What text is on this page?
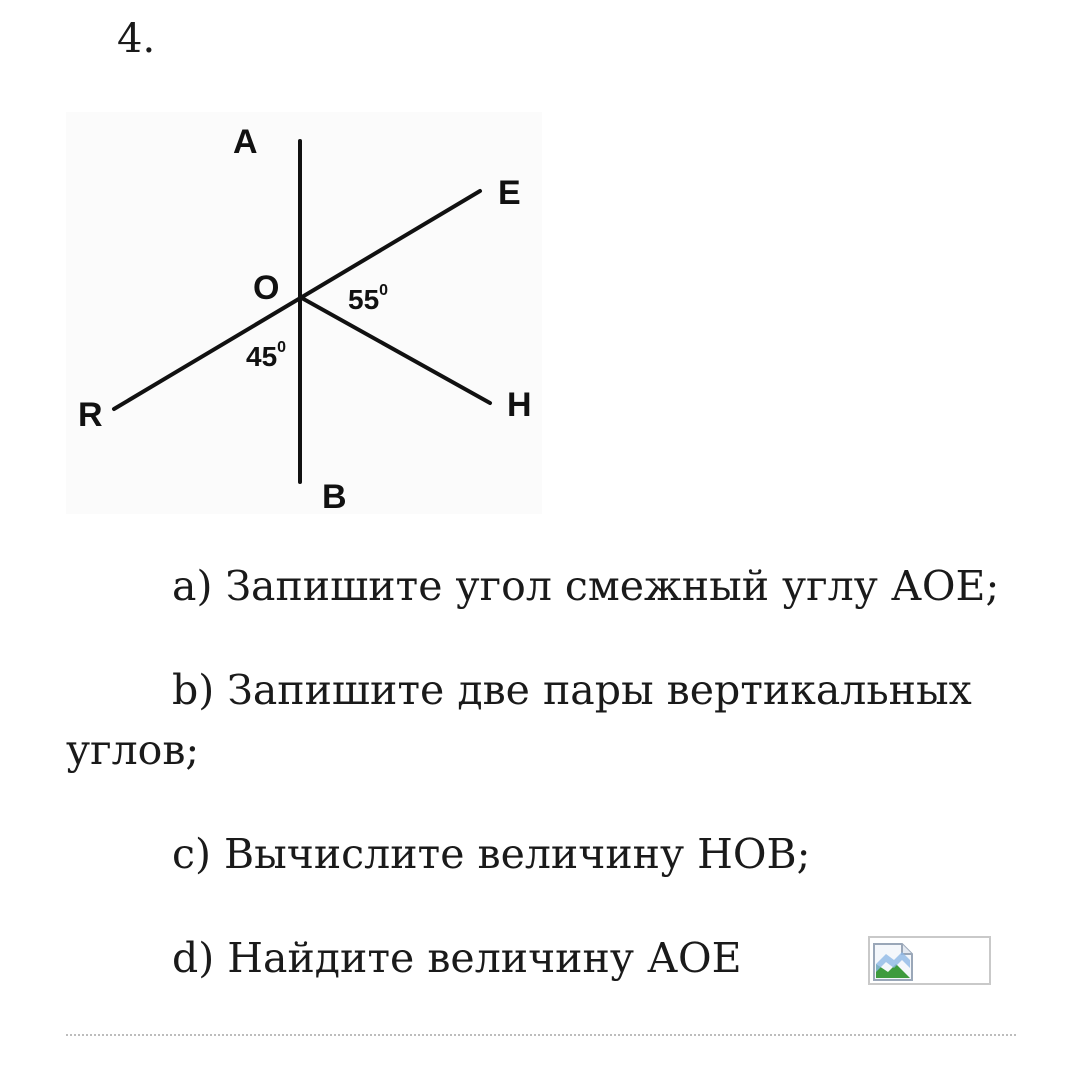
4.
A
E
O
R	H
B
$55^0$
$45^0$
a) Запишите угол смежный углу АОЕ;
b) Запишите две пары вертикальных
углов;
c) Вычислите величину НОВ;
d) Найдите величину АОЕ
